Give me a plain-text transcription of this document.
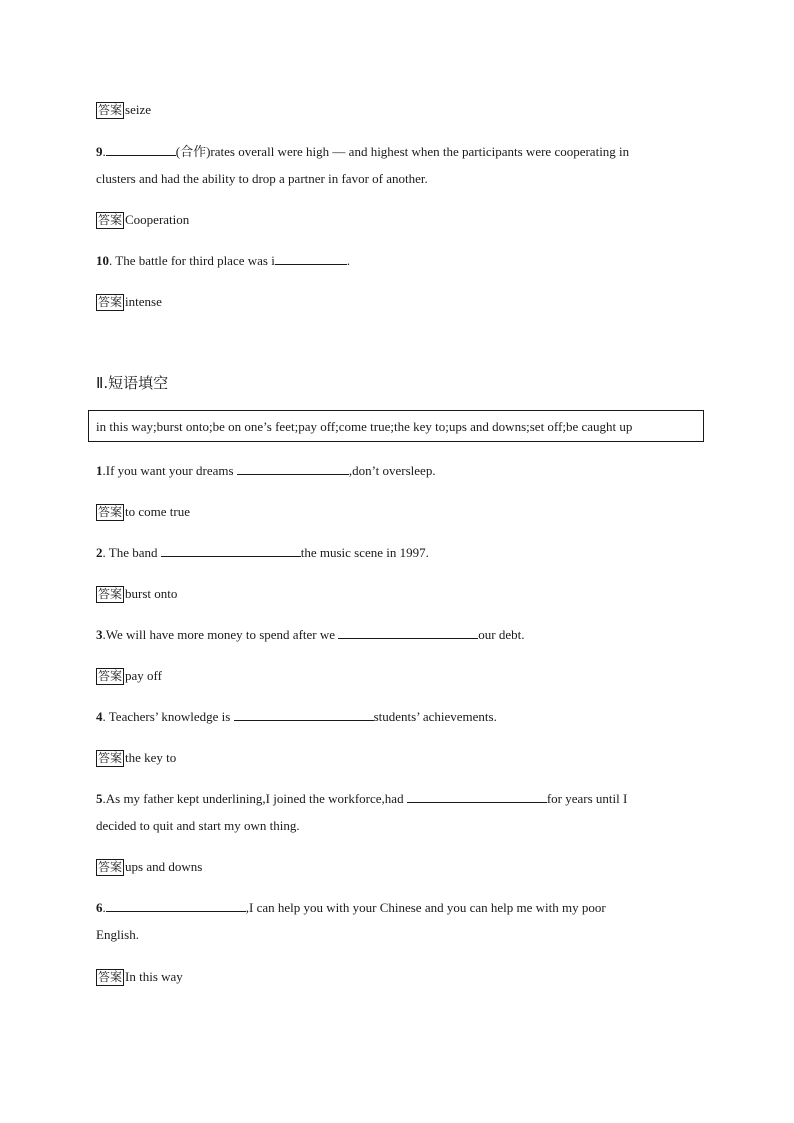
答案 seize
9.	(合作)rates overall were high — and highest when the participants were cooperating in
clusters and had the ability to drop a partner in favor of another.
答案 Cooperation
10. The battle for third place was i	.
答案 intense
Ⅱ.短语填空
in this way;burst onto;be on one’s feet;pay off;come true;the key to;ups and downs;set off;be caught up
1.If you want your dreams	,don’t oversleep.
答案 to come true
2. The band	the music scene in 1997.
答案 burst onto
3.We will have more money to spend after we	our debt.
答案 pay off
4. Teachers’ knowledge is	students’ achievements.
答案 the key to
5.As my father kept underlining,I joined the workforce,had	for years until I
decided to quit and start my own thing.
答案 ups and downs
6.	,I can help you with your Chinese and you can help me with my poor
English.
答案 In this way
